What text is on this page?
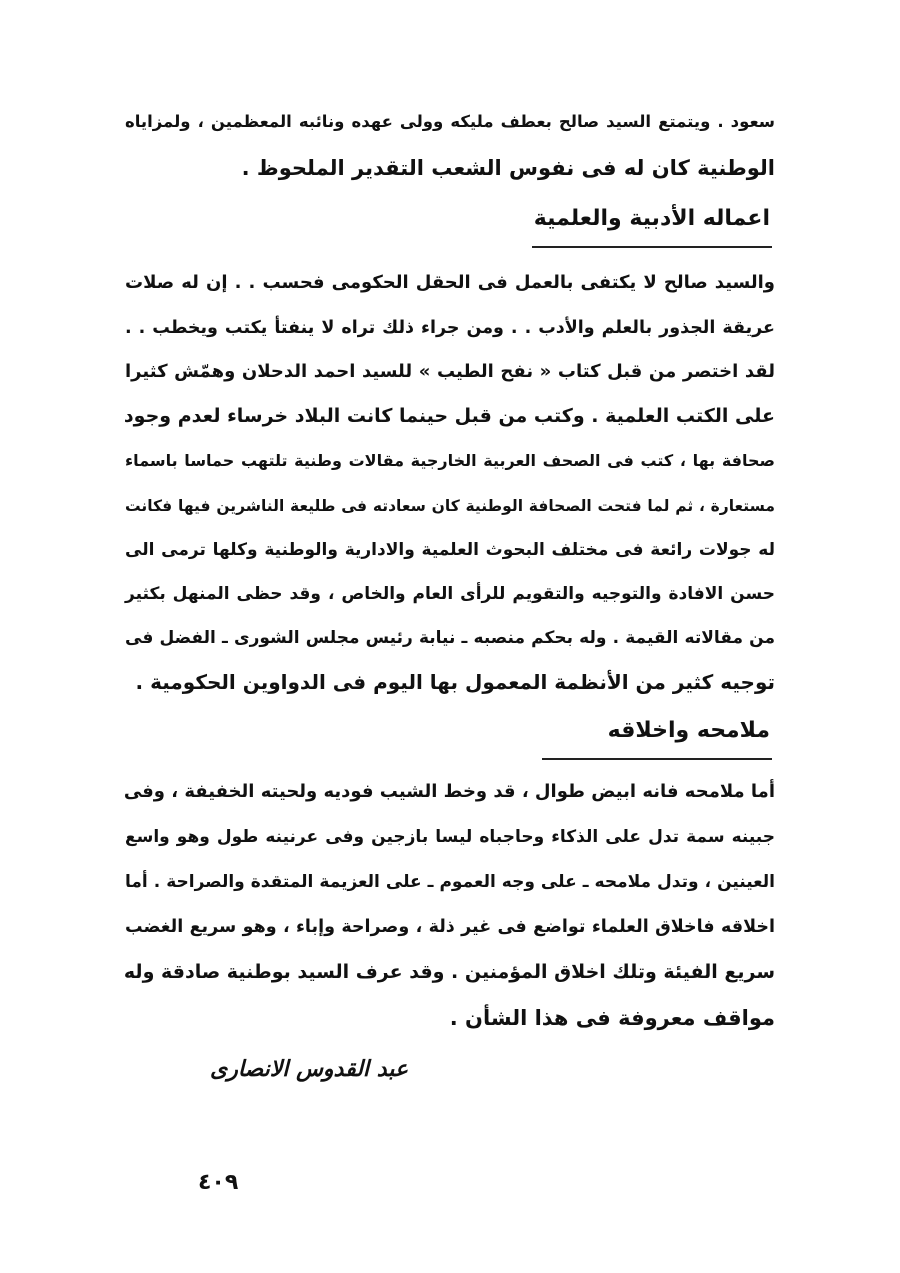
سعود . ويتمتع السيد صالح بعطف مليكه وولى عهده ونائبه المعظمين ، ولمزاياه
الوطنية كان له فى نفوس الشعب التقدير الملحوظ .
اعماله الأدبية والعلمية
والسيد صالح لا يكتفى بالعمل فى الحقل الحكومى فحسب . . إن له صلات
عريقة الجذور بالعلم والأدب . . ومن جراء ذلك تراه لا ينفتأ يكتب ويخطب . .
لقد اختصر من قبل كتاب « نفح الطيب » للسيد احمد الدحلان وهمّش كثيرا
على الكتب العلمية . وكتب من قبل حينما كانت البلاد خرساء لعدم وجود
صحافة بها ، كتب فى الصحف العربية الخارجية مقالات وطنية تلتهب حماسا باسماء
مستعارة ، ثم لما فتحت الصحافة الوطنية كان سعادته فى طليعة الناشرين فيها فكانت
له جولات رائعة فى مختلف البحوث العلمية والادارية والوطنية وكلها ترمى الى
حسن الافادة والتوجيه والتقويم للرأى العام والخاص ، وقد حظى المنهل بكثير
من مقالاته القيمة . وله بحكم منصبه ـ نيابة رئيس مجلس الشورى ـ الفضل فى
توجيه كثير من الأنظمة المعمول بها اليوم فى الدواوين الحكومية .
ملامحه واخلاقه
أما ملامحه فانه ابيض طوال ، قد وخط الشيب فوديه ولحيته الخفيفة ، وفى
جبينه سمة تدل على الذكاء وحاجباه ليسا بازجين وفى عرنينه طول وهو واسع
العينين ، وتدل ملامحه ـ على وجه العموم ـ على العزيمة المتقدة والصراحة . أما
اخلاقه فاخلاق العلماء تواضع فى غير ذلة ، وصراحة وإباء ، وهو سريع الغضب
سريع الفيئة وتلك اخلاق المؤمنين . وقد عرف السيد بوطنية صادقة وله
مواقف معروفة فى هذا الشأن .
عبد القدوس الانصارى
٤٠٩
